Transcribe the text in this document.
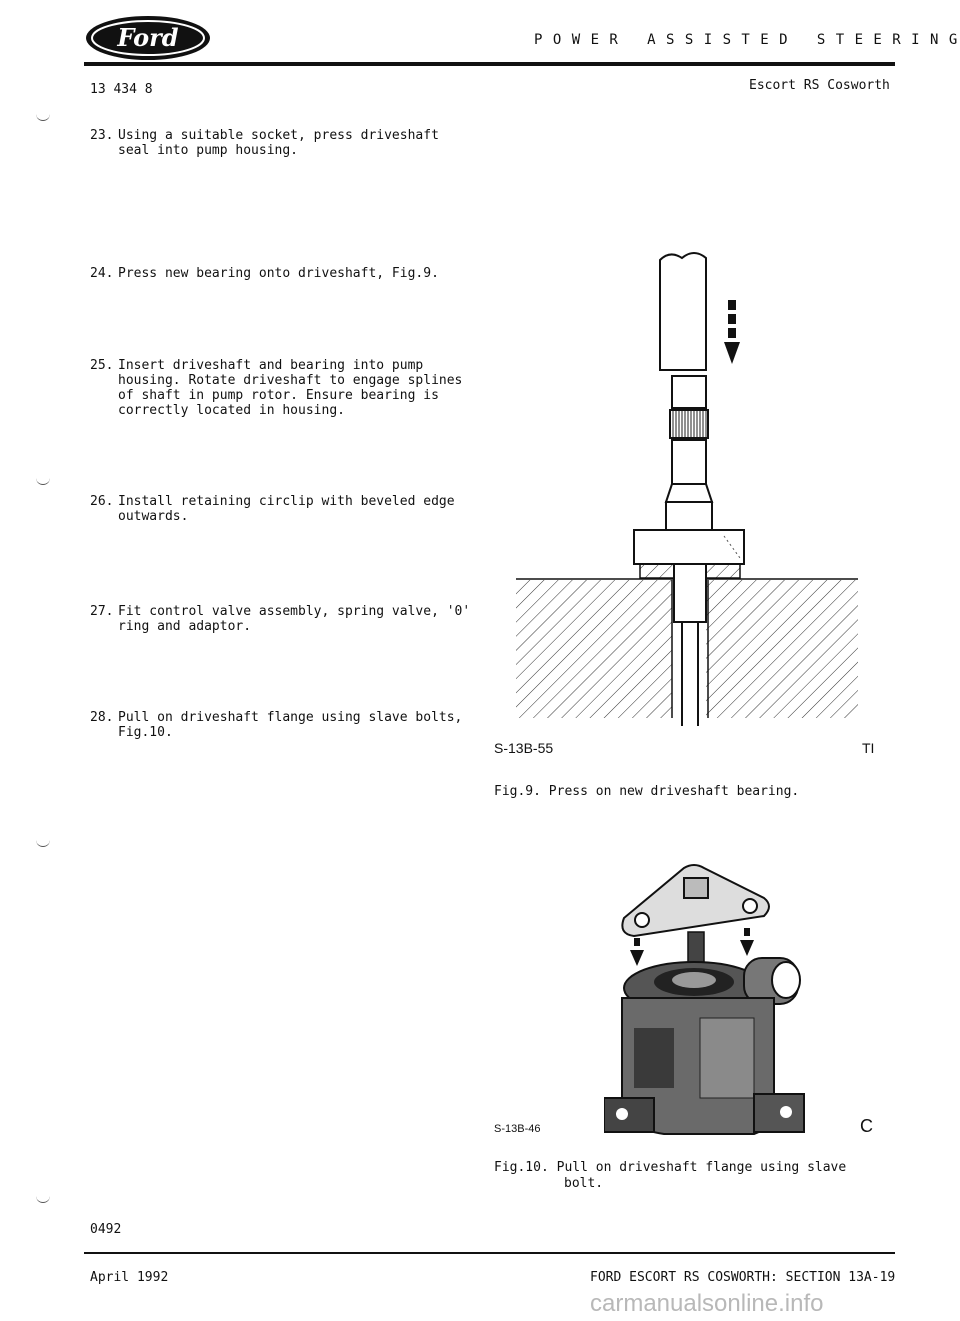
Ford	P O W E R   A S S I S T E D   S T E E R I N G
13 434 8	Escort RS Cosworth
23. Using a suitable socket, press driveshaft
seal into pump housing.
24. Press new bearing onto driveshaft, Fig.9.
25. Insert driveshaft and bearing into pump
housing. Rotate driveshaft to engage splines
of shaft in pump rotor. Ensure bearing is
correctly located in housing.
26. Install retaining circlip with beveled edge
outwards.
27. Fit control valve assembly, spring valve, '0'
ring and adaptor.
28. Pull on driveshaft flange using slave bolts,
Fig.10.
S-13B-55	TI
Fig.9. Press on new driveshaft bearing.
S-13B-46	C
Fig.10. Pull on driveshaft flange using slave
bolt.
0492
April 1992	FORD ESCORT RS COSWORTH: SECTION 13A-19
carmanualsonline.info
